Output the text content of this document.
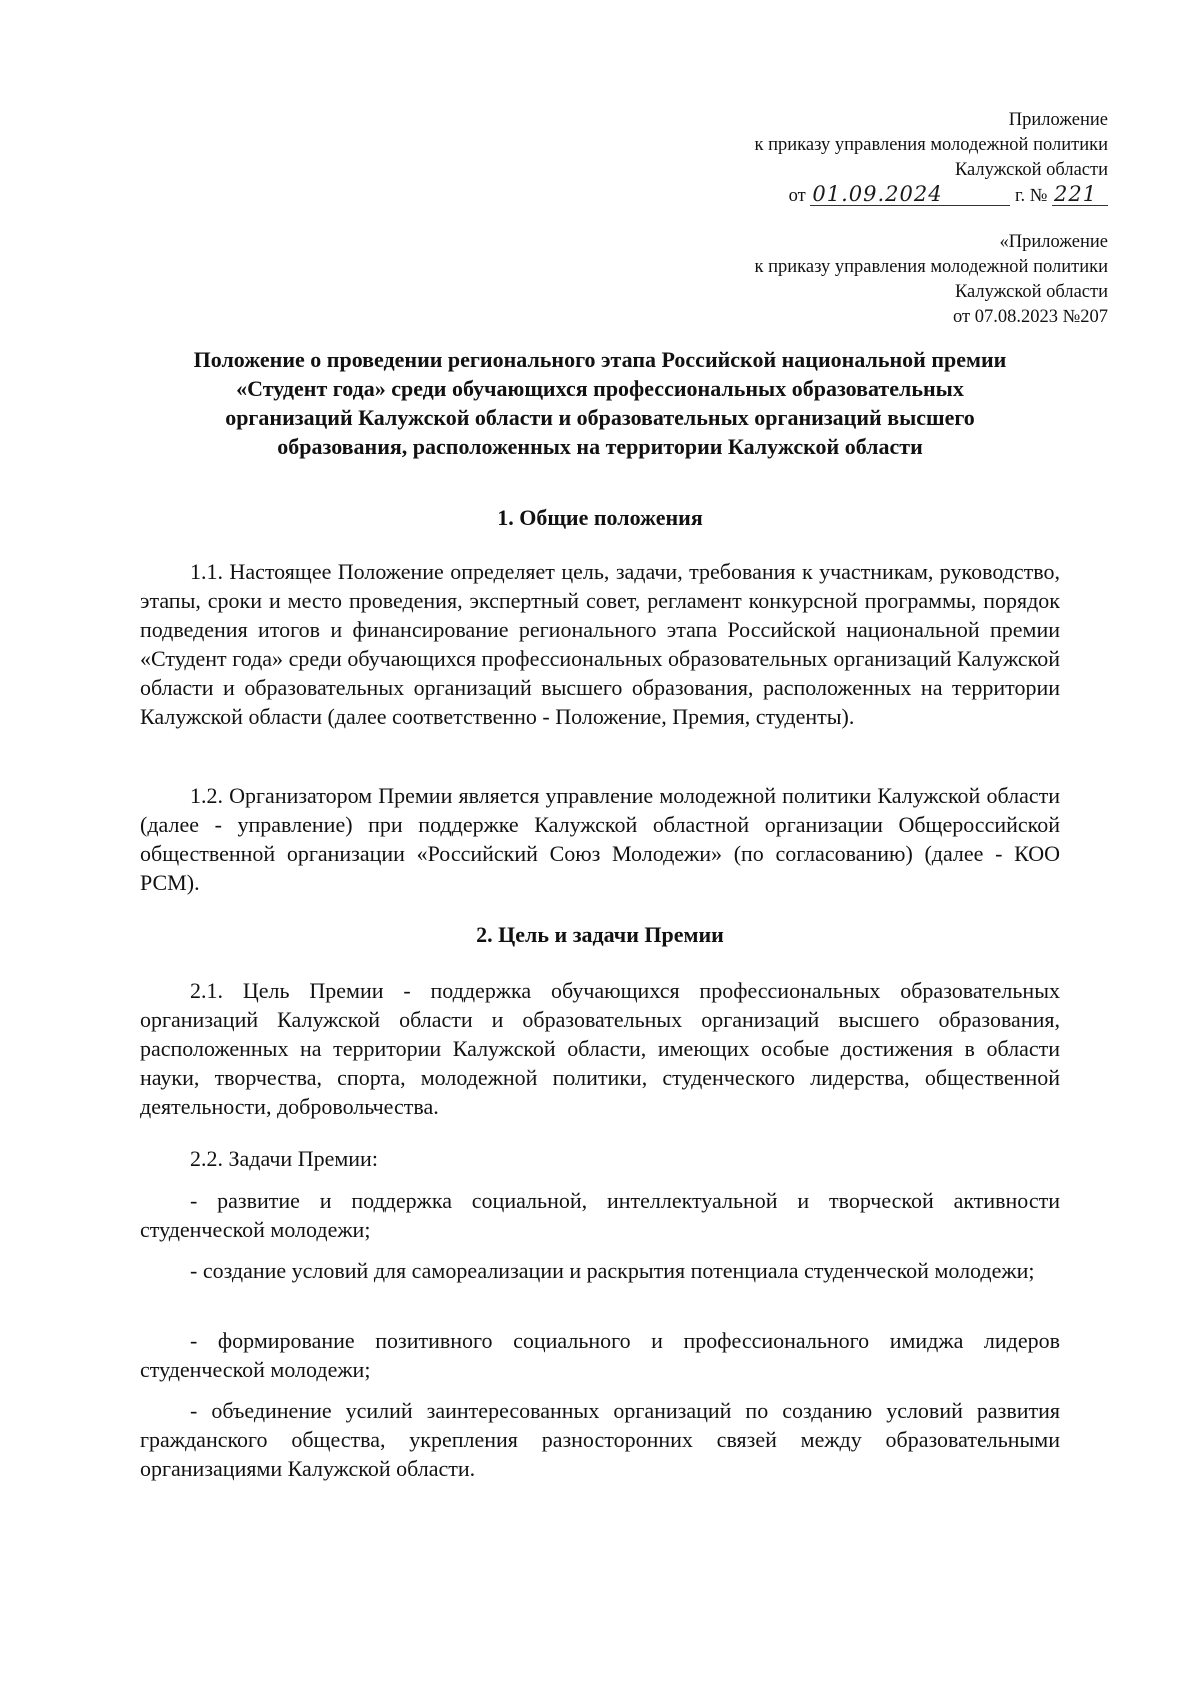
Приложение
к приказу управления молодежной политики
Калужской области
от 01.09.2024	г. № 221
«Приложение
к приказу управления молодежной политики
Калужской области
от 07.08.2023 №207
Положение о проведении регионального этапа Российской национальной премии
«Студент года» среди обучающихся профессиональных образовательных
организаций Калужской области и образовательных организаций высшего
образования, расположенных на территории Калужской области
1. Общие положения

1.1. Настоящее Положение определяет цель, задачи, требования к участникам, руководство, этапы, сроки и место проведения, экспертный совет, регламент конкурсной программы, порядок подведения итогов и финансирование регионального этапа Российской национальной премии «Студент года» среди обучающихся профессиональных образовательных организаций Калужской области и образовательных организаций высшего образования, расположенных на территории Калужской области (далее соответственно - Положение, Премия, студенты).

1.2. Организатором Премии является управление молодежной политики Калужской области (далее - управление) при поддержке Калужской областной организации Общероссийской общественной организации «Российский Союз Молодежи» (по согласованию) (далее - КОО РСМ).

2. Цель и задачи Премии

2.1. Цель Премии - поддержка обучающихся профессиональных образовательных организаций Калужской области и образовательных организаций высшего образования, расположенных на территории Калужской области, имеющих особые достижения в области науки, творчества, спорта, молодежной политики, студенческого лидерства, общественной деятельности, добровольчества.

2.2. Задачи Премии:

- развитие и поддержка социальной, интеллектуальной и творческой активности студенческой молодежи;

- создание условий для самореализации и раскрытия потенциала студенческой молодежи;

- формирование позитивного социального и профессионального имиджа лидеров студенческой молодежи;

- объединение усилий заинтересованных организаций по созданию условий развития гражданского общества, укрепления разносторонних связей между образовательными организациями Калужской области.
